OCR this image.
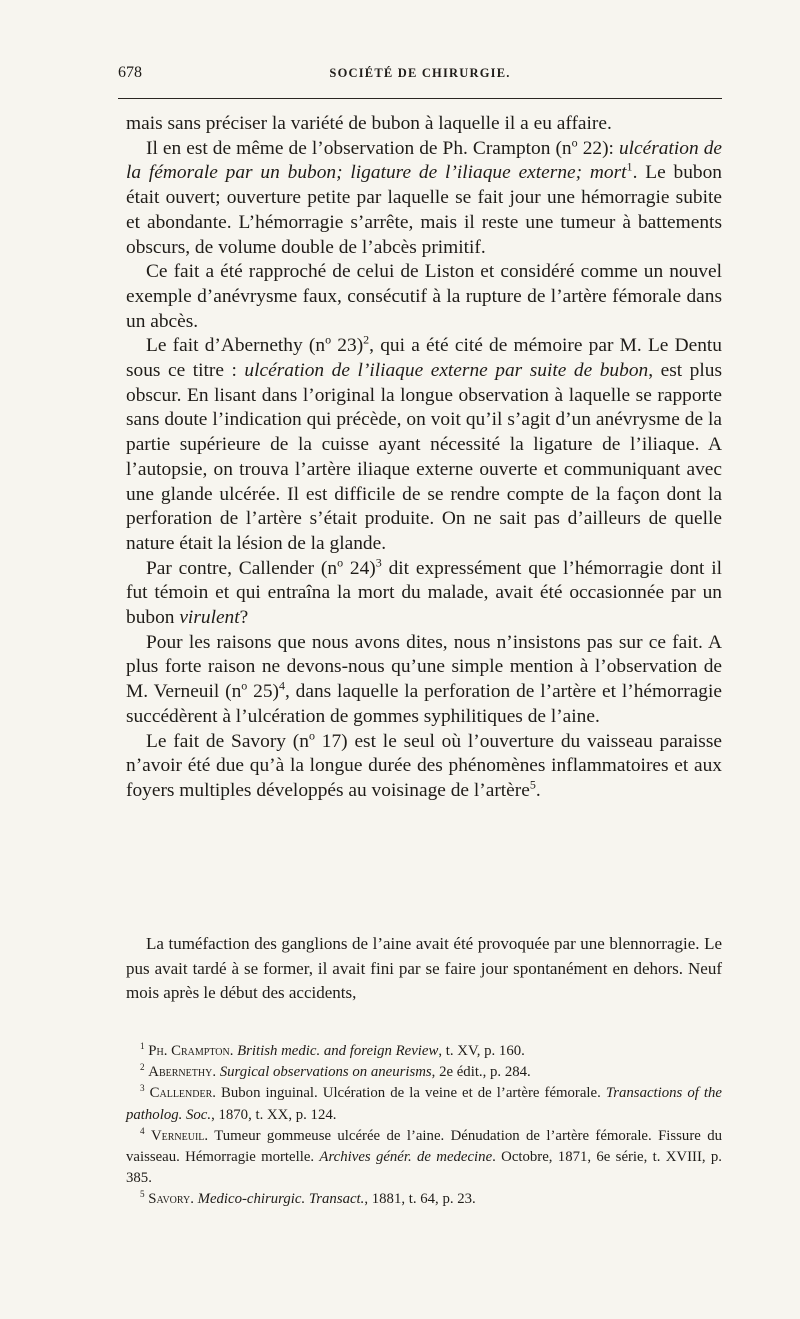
678	SOCIÉTÉ DE CHIRURGIE.

mais sans préciser la variété de bubon à laquelle il a eu affaire.

Il en est de même de l’observation de Ph. Crampton ($n^o$ 22): ulcération de la fémorale par un bubon; ligature de l’iliaque externe; mort$^1$. Le bubon était ouvert; ouverture petite par laquelle se fait jour une hémorragie subite et abondante. L’hémorragie s’arrête, mais il reste une tumeur à battements obscurs, de volume double de l’abcès primitif.

Ce fait a été rapproché de celui de Liston et considéré comme un nouvel exemple d’anévrysme faux, consécutif à la rupture de l’artère fémorale dans un abcès.

Le fait d’Abernethy ($n^o$ 23)$^2$, qui a été cité de mémoire par M. Le Dentu sous ce titre : ulcération de l’iliaque externe par suite de bubon, est plus obscur. En lisant dans l’original la longue observation à laquelle se rapporte sans doute l’indication qui précède, on voit qu’il s’agit d’un anévrysme de la partie supérieure de la cuisse ayant nécessité la ligature de l’iliaque. A l’autopsie, on trouva l’artère iliaque externe ouverte et communiquant avec une glande ulcérée. Il est difficile de se rendre compte de la façon dont la perforation de l’artère s’était produite. On ne sait pas d’ailleurs de quelle nature était la lésion de la glande.

Par contre, Callender ($n^o$ 24)$^3$ dit expressément que l’hémorragie dont il fut témoin et qui entraîna la mort du malade, avait été occasionnée par un bubon virulent?

Pour les raisons que nous avons dites, nous n’insistons pas sur ce fait. A plus forte raison ne devons-nous qu’une simple mention à l’observation de M. Verneuil ($n^o$ 25)$^4$, dans laquelle la perforation de l’artère et l’hémorragie succédèrent à l’ulcération de gommes syphilitiques de l’aine.

Le fait de Savory ($n^o$ 17) est le seul où l’ouverture du vaisseau paraisse n’avoir été due qu’à la longue durée des phénomènes inflammatoires et aux foyers multiples développés au voisinage de l’artère$^5$.

La tuméfaction des ganglions de l’aine avait été provoquée par une blennorragie. Le pus avait tardé à se former, il avait fini par se faire jour spontanément en dehors. Neuf mois après le début des accidents,

$^1$ Ph. Crampton. British medic. and foreign Review, t. XV, p. 160.

$^2$ Abernethy. Surgical observations on aneurisms, 2e édit., p. 284.

$^3$ Callender. Bubon inguinal. Ulcération de la veine et de l’artère fémorale. Transactions of the patholog. Soc., 1870, t. XX, p. 124.

$^4$ Verneuil. Tumeur gommeuse ulcérée de l’aine. Dénudation de l’artère fémorale. Fissure du vaisseau. Hémorragie mortelle. Archives génér. de medecine. Octobre, 1871, 6e série, t. XVIII, p. 385.

$^5$ Savory. Medico-chirurgic. Transact., 1881, t. 64, p. 23.
